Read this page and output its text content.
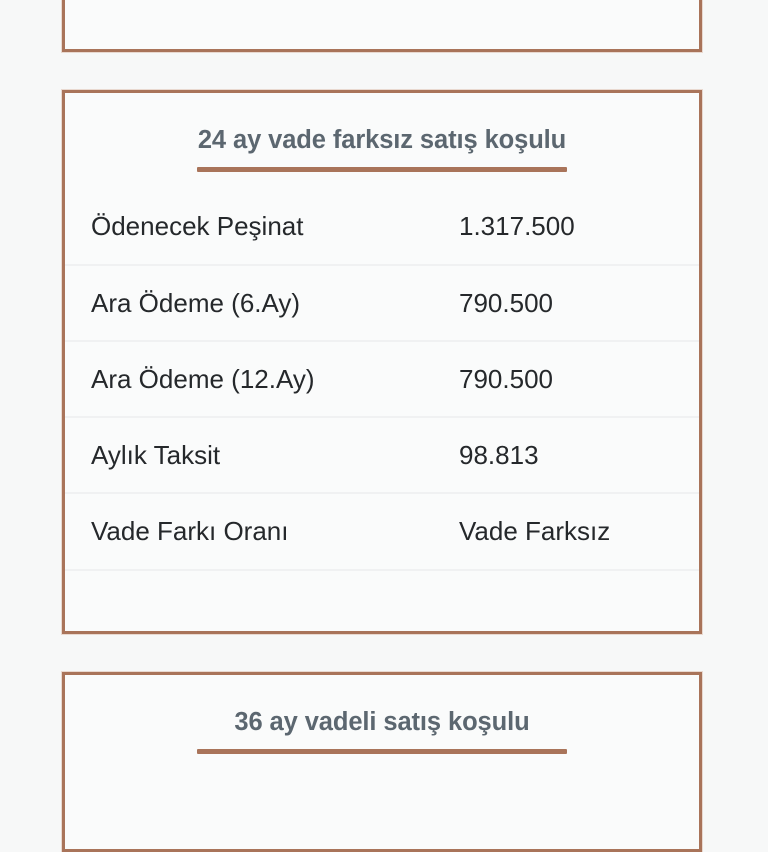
24 ay vade farksız satış koşulu
Ödenecek Peşinat	1.317.500
Ara Ödeme (6.Ay)	790.500
Ara Ödeme (12.Ay)	790.500
Aylık Taksit	98.813
Vade Farkı Oranı	Vade Farksız
36 ay vadeli satış koşulu
